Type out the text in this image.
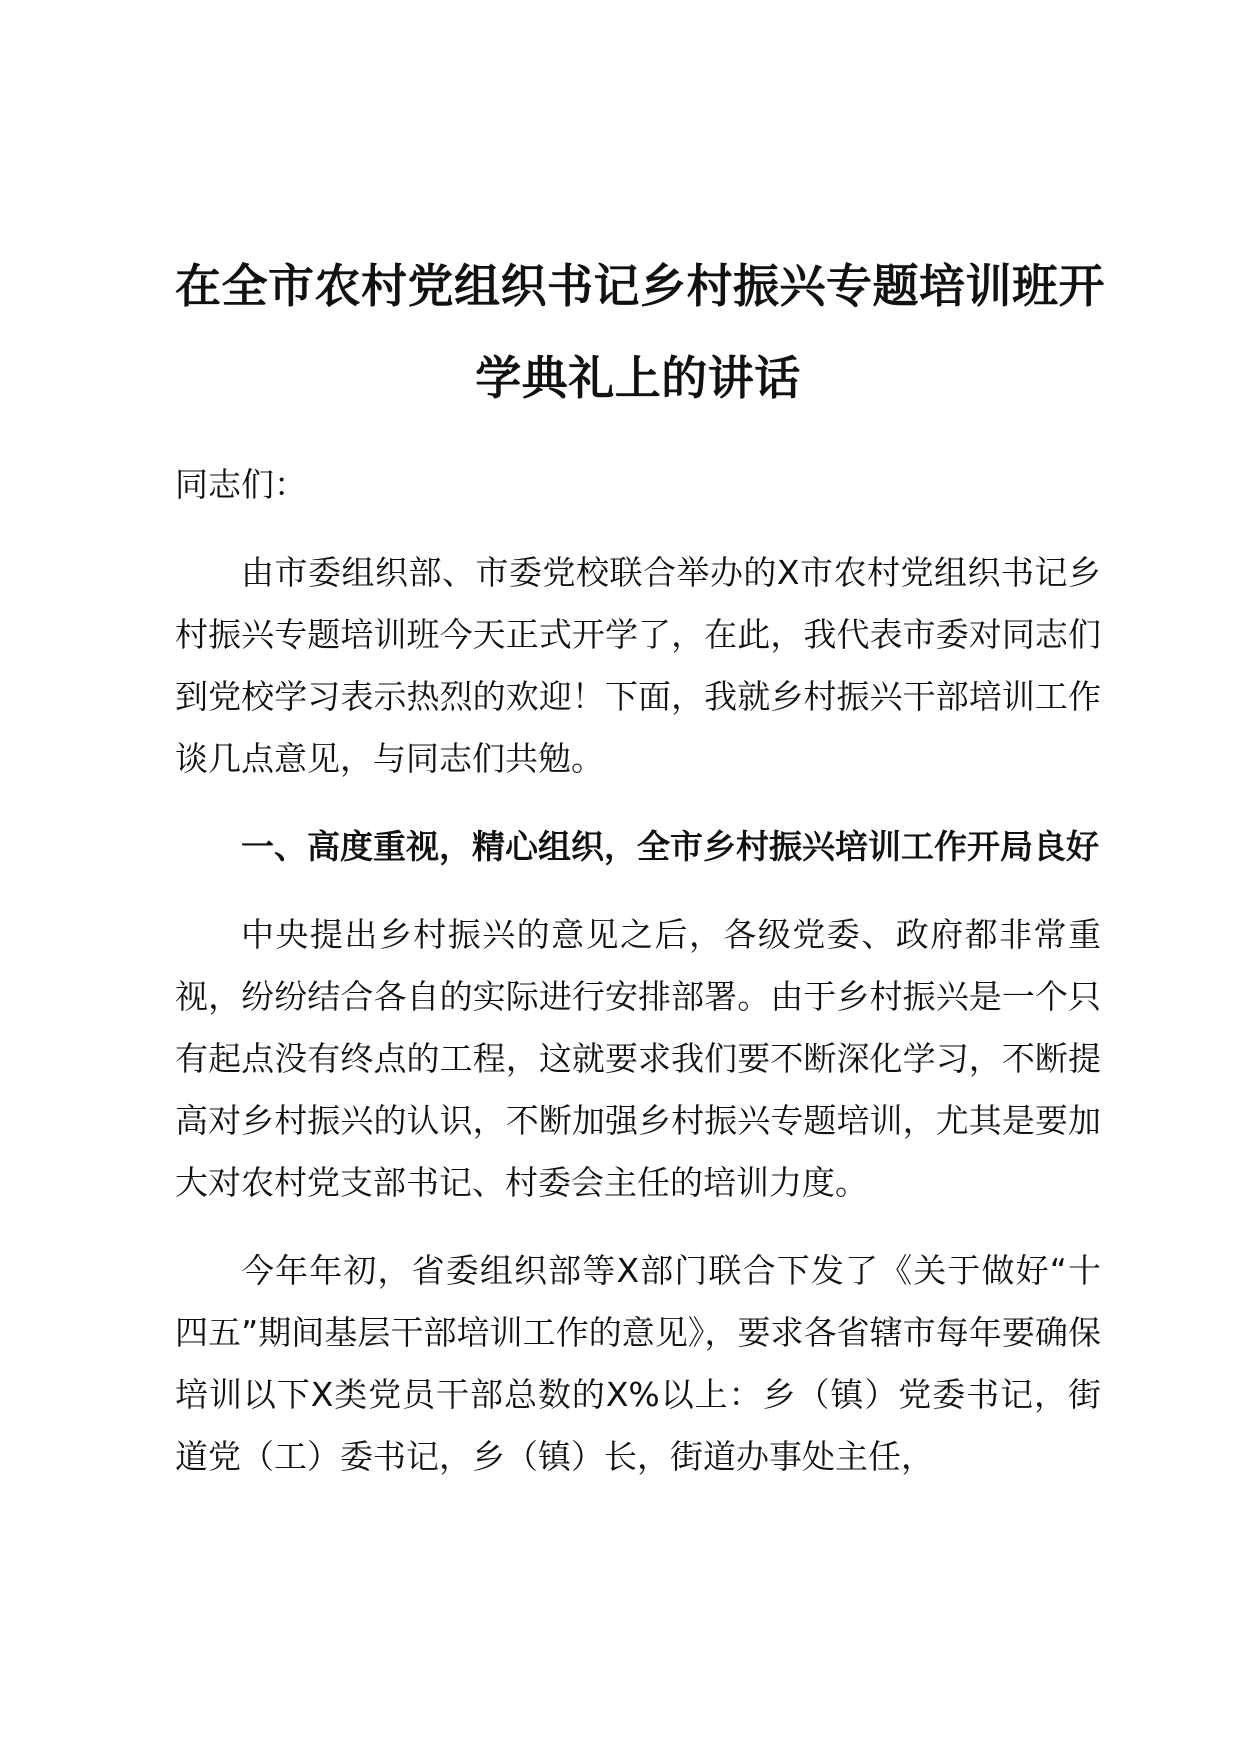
在全市农村党组织书记乡村振兴专题培训班开
学典礼上的讲话

同志们：

由市委组织部、市委党校联合举办的X市农村党组织书记乡村振兴专题培训班今天正式开学了，在此，我代表市委对同志们到党校学习表示热烈的欢迎！下面，我就乡村振兴干部培训工作谈几点意见，与同志们共勉。

一、高度重视，精心组织，全市乡村振兴培训工作开局良好

中央提出乡村振兴的意见之后，各级党委、政府都非常重视，纷纷结合各自的实际进行安排部署。由于乡村振兴是一个只有起点没有终点的工程，这就要求我们要不断深化学习，不断提高对乡村振兴的认识，不断加强乡村振兴专题培训，尤其是要加大对农村党支部书记、村委会主任的培训力度。

今年年初，省委组织部等X部门联合下发了《关于做好“十四五”期间基层干部培训工作的意见》，要求各省辖市每年要确保培训以下X类党员干部总数的X%以上：乡（镇）党委书记，街道党（工）委书记，乡（镇）长，街道办事处主任，
